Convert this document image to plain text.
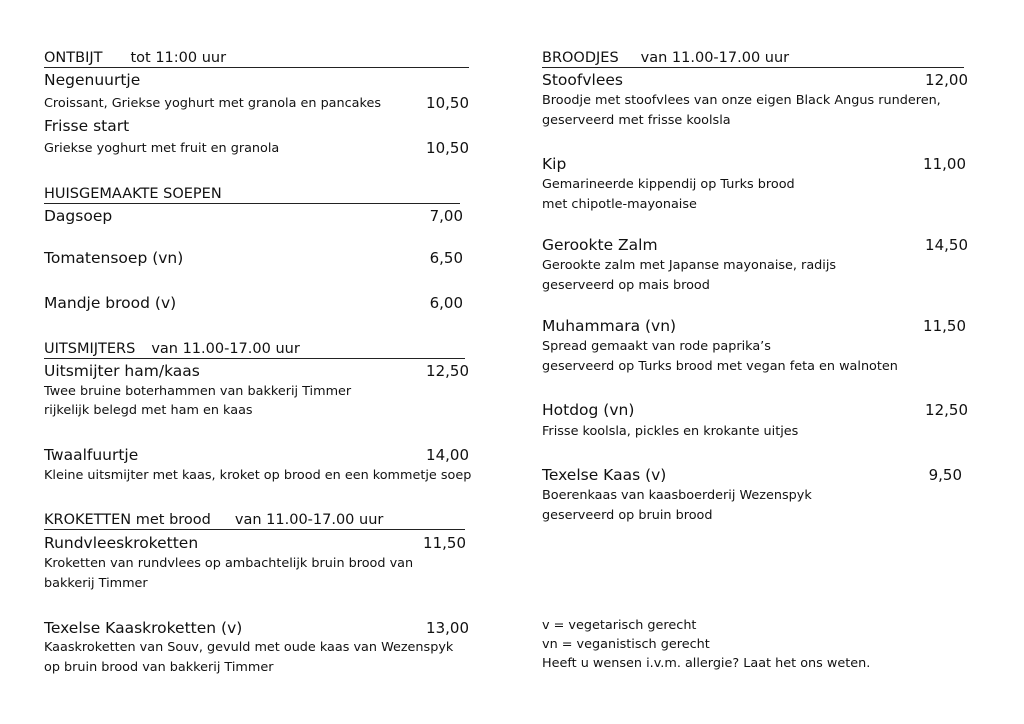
ONTBIJT tot 11:00 uur
Negenuurtje
Croissant, Griekse yoghurt met granola en pancakes	10,50
Frisse start
Griekse yoghurt met fruit en granola	10,50
HUISGEMAAKTE SOEPEN
Dagsoep	7,00
Tomatensoep (vn)	6,50
Mandje brood (v)	6,00
UITSMIJTERS van 11.00-17.00 uur
Uitsmijter ham/kaas	12,50
Twee bruine boterhammen van bakkerij Timmer
rijkelijk belegd met ham en kaas
Twaalfuurtje	14,00
Kleine uitsmijter met kaas, kroket op brood en een kommetje soep
KROKETTEN met brood van 11.00-17.00 uur
Rundvleeskroketten	11,50
Kroketten van rundvlees op ambachtelijk bruin brood van
bakkerij Timmer
Texelse Kaaskroketten (v)	13,00
Kaaskroketten van Souv, gevuld met oude kaas van Wezenspyk
op bruin brood van bakkerij Timmer
BROODJES van 11.00-17.00 uur
Stoofvlees	12,00
Broodje met stoofvlees van onze eigen Black Angus runderen,
geserveerd met frisse koolsla
Kip	11,00
Gemarineerde kippendij op Turks brood
met chipotle-mayonaise
Gerookte Zalm	14,50
Gerookte zalm met Japanse mayonaise, radijs
geserveerd op mais brood
Muhammara (vn)	11,50
Spread gemaakt van rode paprika’s
geserveerd op Turks brood met vegan feta en walnoten
Hotdog (vn)	12,50
Frisse koolsla, pickles en krokante uitjes
Texelse Kaas (v)	9,50
Boerenkaas van kaasboerderij Wezenspyk
geserveerd op bruin brood
v = vegetarisch gerecht
vn = veganistisch gerecht
Heeft u wensen i.v.m. allergie? Laat het ons weten.
